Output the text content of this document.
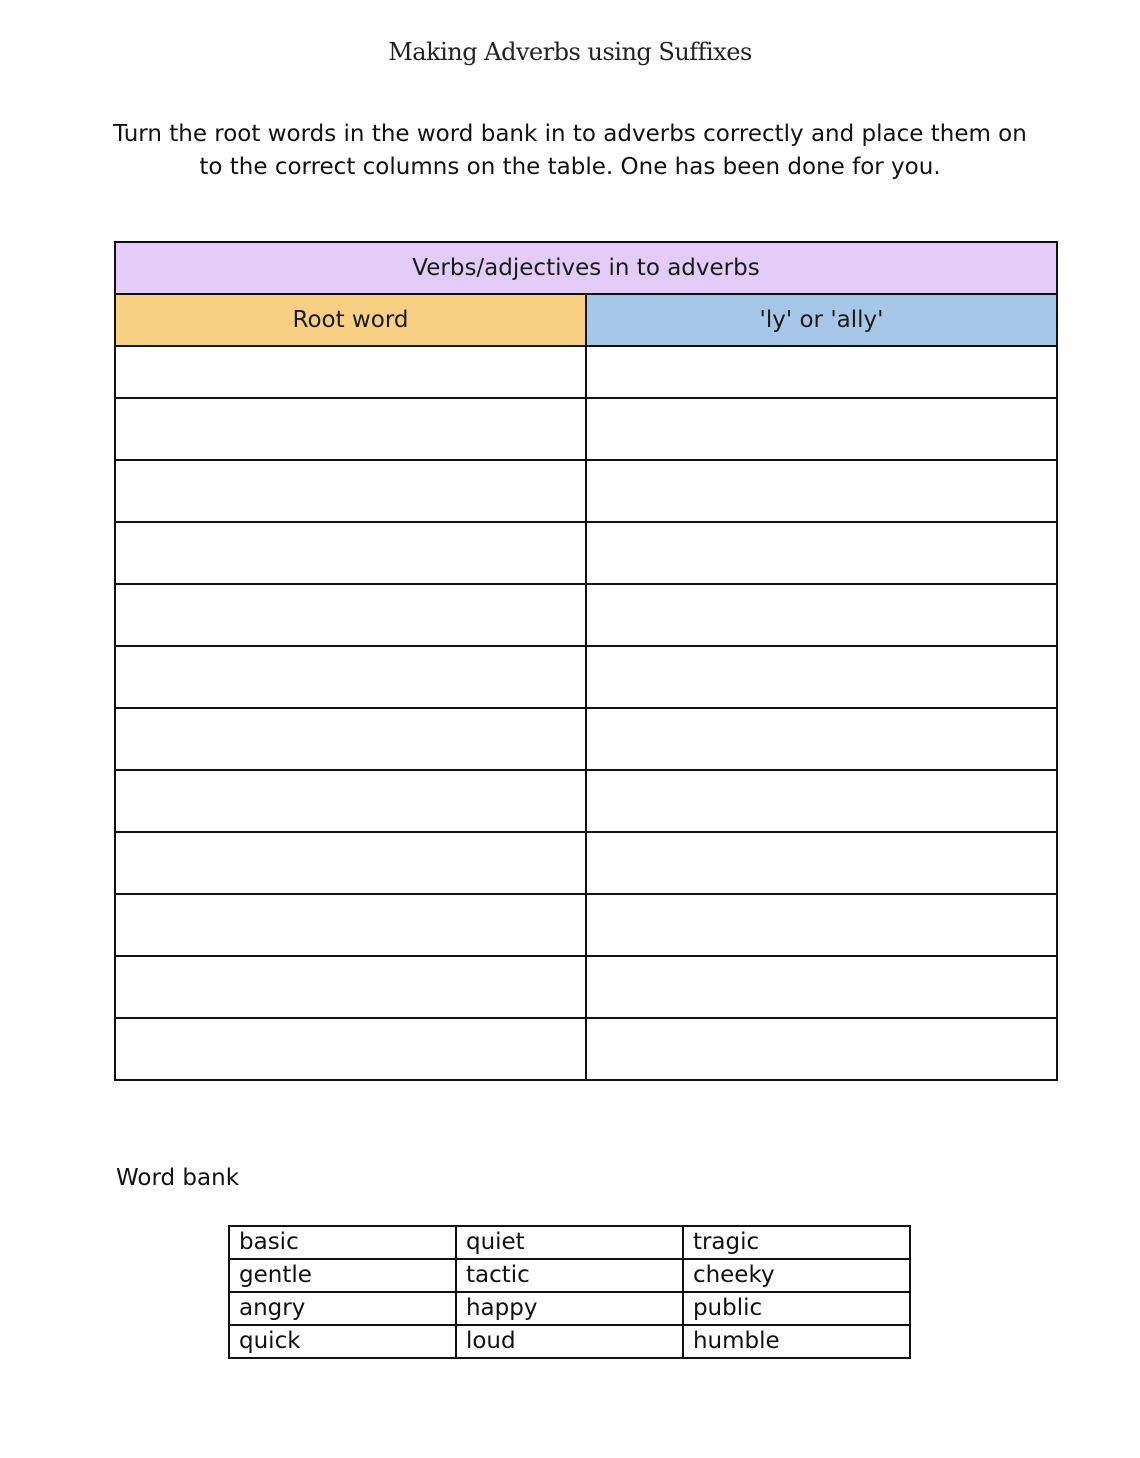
Making Adverbs using Suffixes
Turn the root words in the word bank in to adverbs correctly and place them on to the correct columns on the table. One has been done for you.
Verbs/adjectives in to adverbs	
Root word	'ly' or 'ally'

Word bank
basic	quiet	tragic
gentle	tactic	cheeky
angry	happy	public
quick	loud	humble
